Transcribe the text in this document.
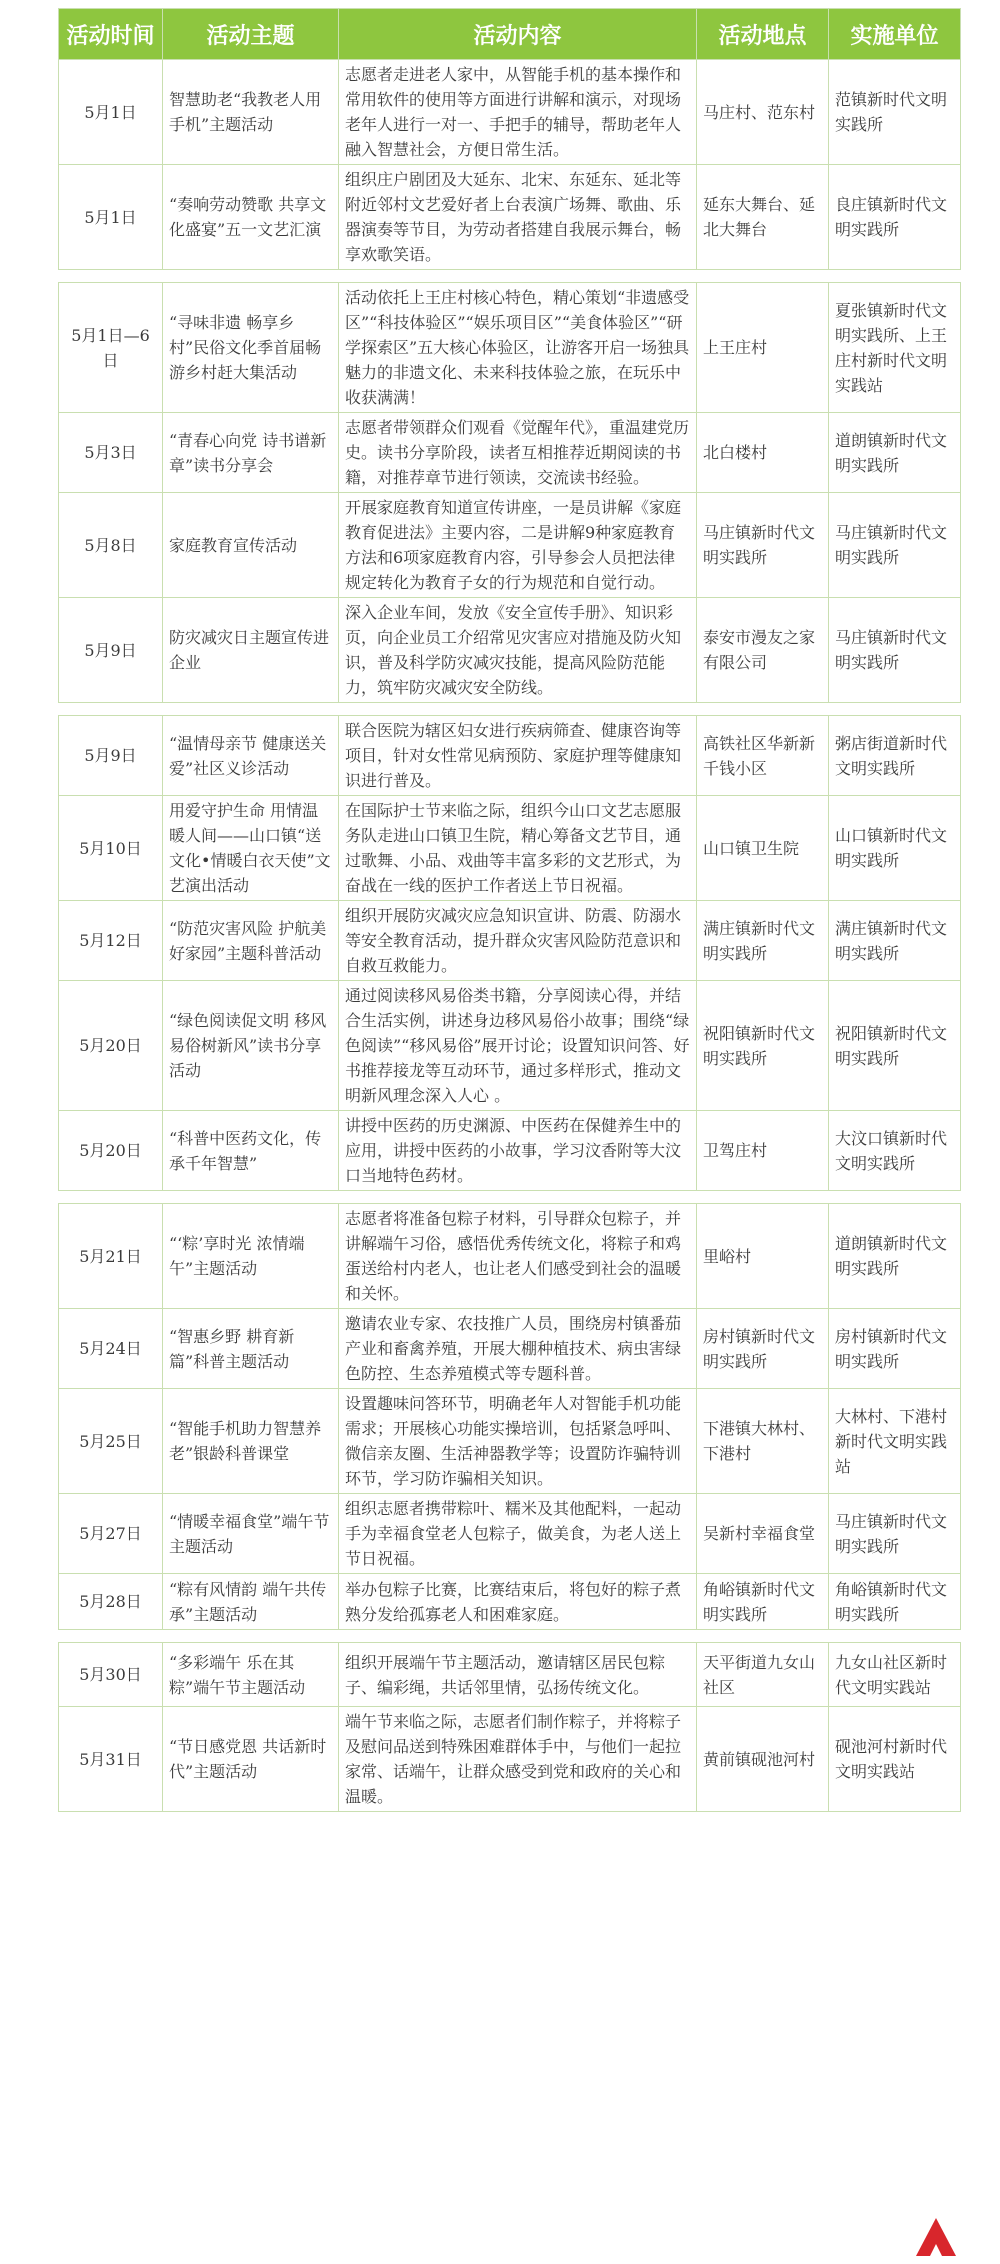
活动时间	活动主题	活动内容	活动地点	实施单位
5月1日	智慧助老“我教老人用手机”主题活动	志愿者走进老人家中，从智能手机的基本操作和常用软件的使用等方面进行讲解和演示，对现场老年人进行一对一、手把手的辅导，帮助老年人融入智慧社会，方便日常生活。	马庄村、范东村	范镇新时代文明实践所
5月1日	“奏响劳动赞歌 共享文化盛宴”五一文艺汇演	组织庄户剧团及大延东、北宋、东延东、延北等附近邻村文艺爱好者上台表演广场舞、歌曲、乐器演奏等节目，为劳动者搭建自我展示舞台，畅享欢歌笑语。	延东大舞台、延北大舞台	良庄镇新时代文明实践所

5月1日—6日	“寻味非遗 畅享乡村”民俗文化季首届畅游乡村赶大集活动	活动依托上王庄村核心特色，精心策划“非遗感受区”“科技体验区”“娱乐项目区”“美食体验区”“研学探索区”五大核心体验区，让游客开启一场独具魅力的非遗文化、未来科技体验之旅，在玩乐中收获满满！	上王庄村	夏张镇新时代文明实践所、上王庄村新时代文明实践站
5月3日	“青春心向党 诗书谱新章”读书分享会	志愿者带领群众们观看《觉醒年代》，重温建党历史。读书分享阶段，读者互相推荐近期阅读的书籍，对推荐章节进行领读，交流读书经验。	北白楼村	道朗镇新时代文明实践所
5月8日	家庭教育宣传活动	开展家庭教育知道宣传讲座，一是员讲解《家庭教育促进法》主要内容，二是讲解9种家庭教育方法和6项家庭教育内容，引导参会人员把法律规定转化为教育子女的行为规范和自觉行动。	马庄镇新时代文明实践所	马庄镇新时代文明实践所
5月9日	防灾减灾日主题宣传进企业	深入企业车间，发放《安全宣传手册》、知识彩页，向企业员工介绍常见灾害应对措施及防火知识，普及科学防灾减灾技能，提高风险防范能力，筑牢防灾减灾安全防线。	泰安市漫友之家有限公司	马庄镇新时代文明实践所

5月9日	“温情母亲节 健康送关爱”社区义诊活动	联合医院为辖区妇女进行疾病筛查、健康咨询等项目，针对女性常见病预防、家庭护理等健康知识进行普及。	高铁社区华新新千钱小区	粥店街道新时代文明实践所
5月10日	用爱守护生命 用情温暖人间——山口镇“送文化•情暖白衣天使”文艺演出活动	在国际护士节来临之际，组织今山口文艺志愿服务队走进山口镇卫生院，精心筹备文艺节目，通过歌舞、小品、戏曲等丰富多彩的文艺形式，为奋战在一线的医护工作者送上节日祝福。	山口镇卫生院	山口镇新时代文明实践所
5月12日	“防范灾害风险 护航美好家园”主题科普活动	组织开展防灾减灾应急知识宣讲、防震、防溺水等安全教育活动，提升群众灾害风险防范意识和自救互救能力。	满庄镇新时代文明实践所	满庄镇新时代文明实践所
5月20日	“绿色阅读促文明 移风易俗树新风”读书分享活动	通过阅读移风易俗类书籍，分享阅读心得，并结合生活实例，讲述身边移风易俗小故事；围绕“绿色阅读”“移风易俗”展开讨论；设置知识问答、好书推荐接龙等互动环节，通过多样形式，推动文明新风理念深入人心 。	祝阳镇新时代文明实践所	祝阳镇新时代文明实践所
5月20日	“科普中医药文化，传承千年智慧”	讲授中医药的历史渊源、中医药在保健养生中的应用，讲授中医药的小故事，学习汶香附等大汶口当地特色药材。	卫驾庄村	大汶口镇新时代文明实践所

5月21日	“‘粽’享时光 浓情端午”主题活动	志愿者将准备包粽子材料，引导群众包粽子，并讲解端午习俗，感悟优秀传统文化，将粽子和鸡蛋送给村内老人，也让老人们感受到社会的温暖和关怀。	里峪村	道朗镇新时代文明实践所
5月24日	“智惠乡野 耕育新篇”科普主题活动	邀请农业专家、农技推广人员，围绕房村镇番茄产业和畜禽养殖，开展大棚种植技术、病虫害绿色防控、生态养殖模式等专题科普。	房村镇新时代文明实践所	房村镇新时代文明实践所
5月25日	“智能手机助力智慧养老”银龄科普课堂	设置趣味问答环节，明确老年人对智能手机功能需求；开展核心功能实操培训，包括紧急呼叫、微信亲友圈、生活神器教学等；设置防诈骗特训环节，学习防诈骗相关知识。	下港镇大林村、下港村	大林村、下港村新时代文明实践站
5月27日	“情暖幸福食堂”端午节主题活动	组织志愿者携带粽叶、糯米及其他配料，一起动手为幸福食堂老人包粽子，做美食，为老人送上节日祝福。	吴新村幸福食堂	马庄镇新时代文明实践所
5月28日	“粽有风情韵 端午共传承”主题活动	举办包粽子比赛，比赛结束后，将包好的粽子煮熟分发给孤寡老人和困难家庭。	角峪镇新时代文明实践所	角峪镇新时代文明实践所

5月30日	“多彩端午 乐在其粽”端午节主题活动	组织开展端午节主题活动，邀请辖区居民包粽子、编彩绳，共话邻里情，弘扬传统文化。	天平街道九女山社区	九女山社区新时代文明实践站
5月31日	“节日感党恩 共话新时代”主题活动	端午节来临之际，志愿者们制作粽子，并将粽子及慰问品送到特殊困难群体手中，与他们一起拉家常、话端午，让群众感受到党和政府的关心和温暖。	黄前镇砚池河村	砚池河村新时代文明实践站
